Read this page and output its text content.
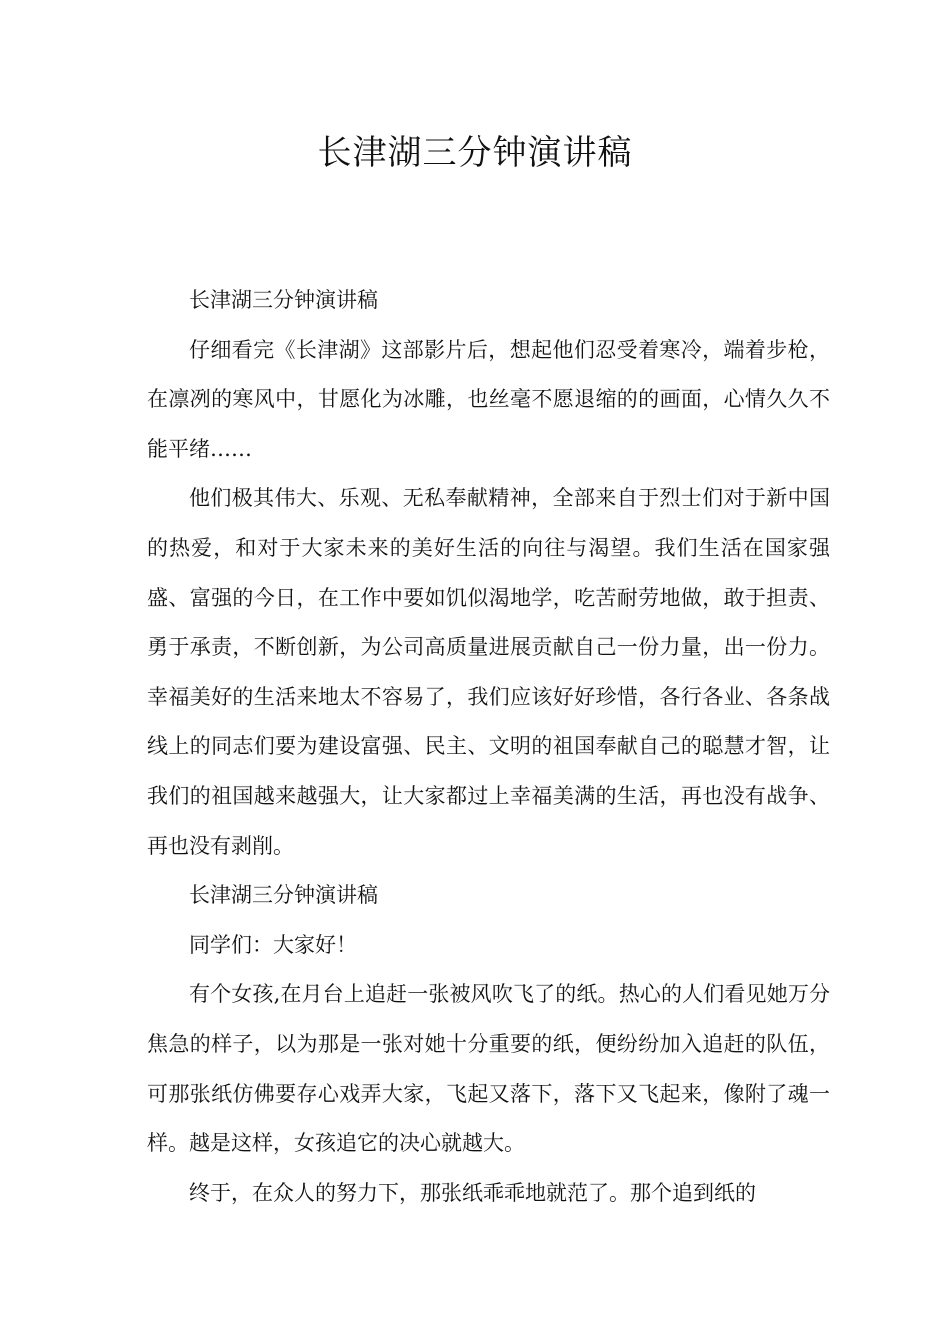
长津湖三分钟演讲稿

长津湖三分钟演讲稿

仔细看完《长津湖》这部影片后，想起他们忍受着寒冷，端着步枪，在凛冽的寒风中，甘愿化为冰雕，也丝毫不愿退缩的的画面，心情久久不能平绪……

他们极其伟大、乐观、无私奉献精神，全部来自于烈士们对于新中国的热爱，和对于大家未来的美好生活的向往与渴望。我们生活在国家强盛、富强的今日，在工作中要如饥似渴地学，吃苦耐劳地做，敢于担责、勇于承责，不断创新，为公司高质量进展贡献自己一份力量，出一份力。幸福美好的生活来地太不容易了，我们应该好好珍惜，各行各业、各条战线上的同志们要为建设富强、民主、文明的祖国奉献自己的聪慧才智，让我们的祖国越来越强大，让大家都过上幸福美满的生活，再也没有战争、再也没有剥削。

长津湖三分钟演讲稿

同学们：大家好！

有个女孩,在月台上追赶一张被风吹飞了的纸。热心的人们看见她万分焦急的样子，以为那是一张对她十分重要的纸，便纷纷加入追赶的队伍，可那张纸仿佛要存心戏弄大家，飞起又落下，落下又飞起来，像附了魂一样。越是这样，女孩追它的决心就越大。

终于，在众人的努力下，那张纸乖乖地就范了。那个追到纸的
